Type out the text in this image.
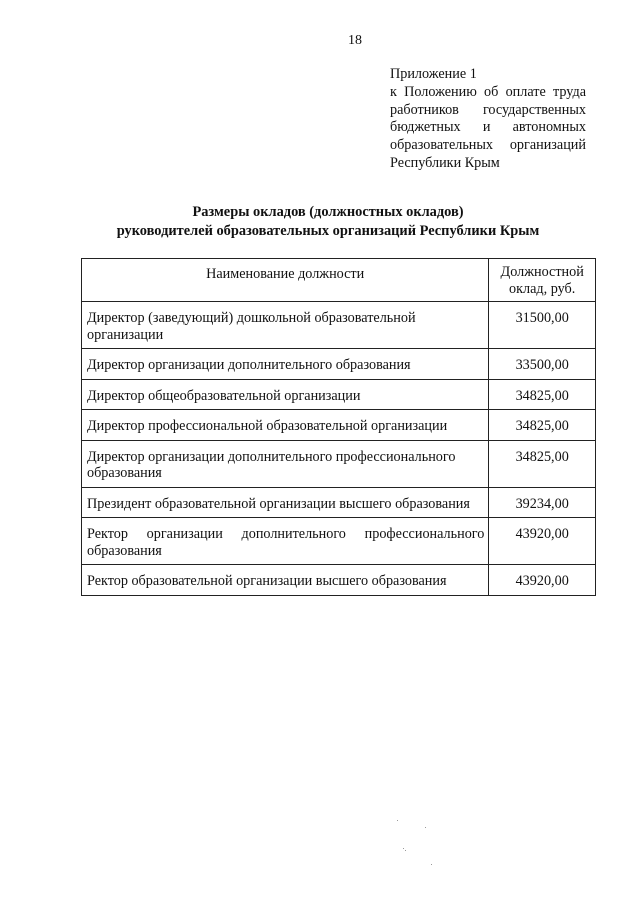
18
Приложение 1
к Положению об оплате труда
работников государственных
бюджетных и автономных
образовательных организаций
Республики Крым
Размеры окладов (должностных окладов)
руководителей образовательных организаций Республики Крым
Наименование должности	Должностной
оклад, руб.
Директор (заведующий) дошкольной образовательной организации	31500,00
Директор организации дополнительного образования	33500,00
Директор общеобразовательной организации	34825,00
Директор профессиональной образовательной организации	34825,00
Директор организации дополнительного профессионального образования	34825,00
Президент образовательной организации высшего образования	39234,00
Ректор организации дополнительного профессионального образования	43920,00
Ректор образовательной организации высшего образования	43920,00
